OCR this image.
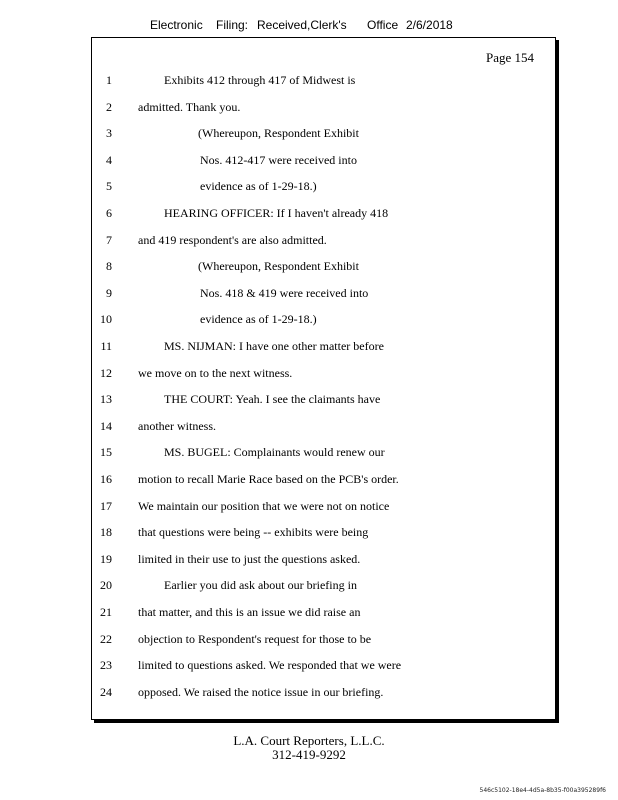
Electronic Filing: Received,Clerk's Office 2/6/2018
Page 154
1	Exhibits 412 through 417 of Midwest is
2 admitted. Thank you.
3	(Whereupon, Respondent Exhibit
4	Nos. 412-417 were received into
5	evidence as of 1-29-18.)
6	HEARING OFFICER: If I haven't already 418
7 and 419 respondent's are also admitted.
8	(Whereupon, Respondent Exhibit
9	Nos. 418 & 419 were received into
10	evidence as of 1-29-18.)
11	MS. NIJMAN: I have one other matter before
12 we move on to the next witness.
13	THE COURT: Yeah. I see the claimants have
14 another witness.
15	MS. BUGEL: Complainants would renew our
16 motion to recall Marie Race based on the PCB's order.
17 We maintain our position that we were not on notice
18 that questions were being -- exhibits were being
19 limited in their use to just the questions asked.
20	Earlier you did ask about our briefing in
21 that matter, and this is an issue we did raise an
22 objection to Respondent's request for those to be
23 limited to questions asked. We responded that we were
24 opposed. We raised the notice issue in our briefing.
L.A. Court Reporters, L.L.C.
312-419-9292
546c5102-18e4-4d5a-8b35-f00a395289f6
